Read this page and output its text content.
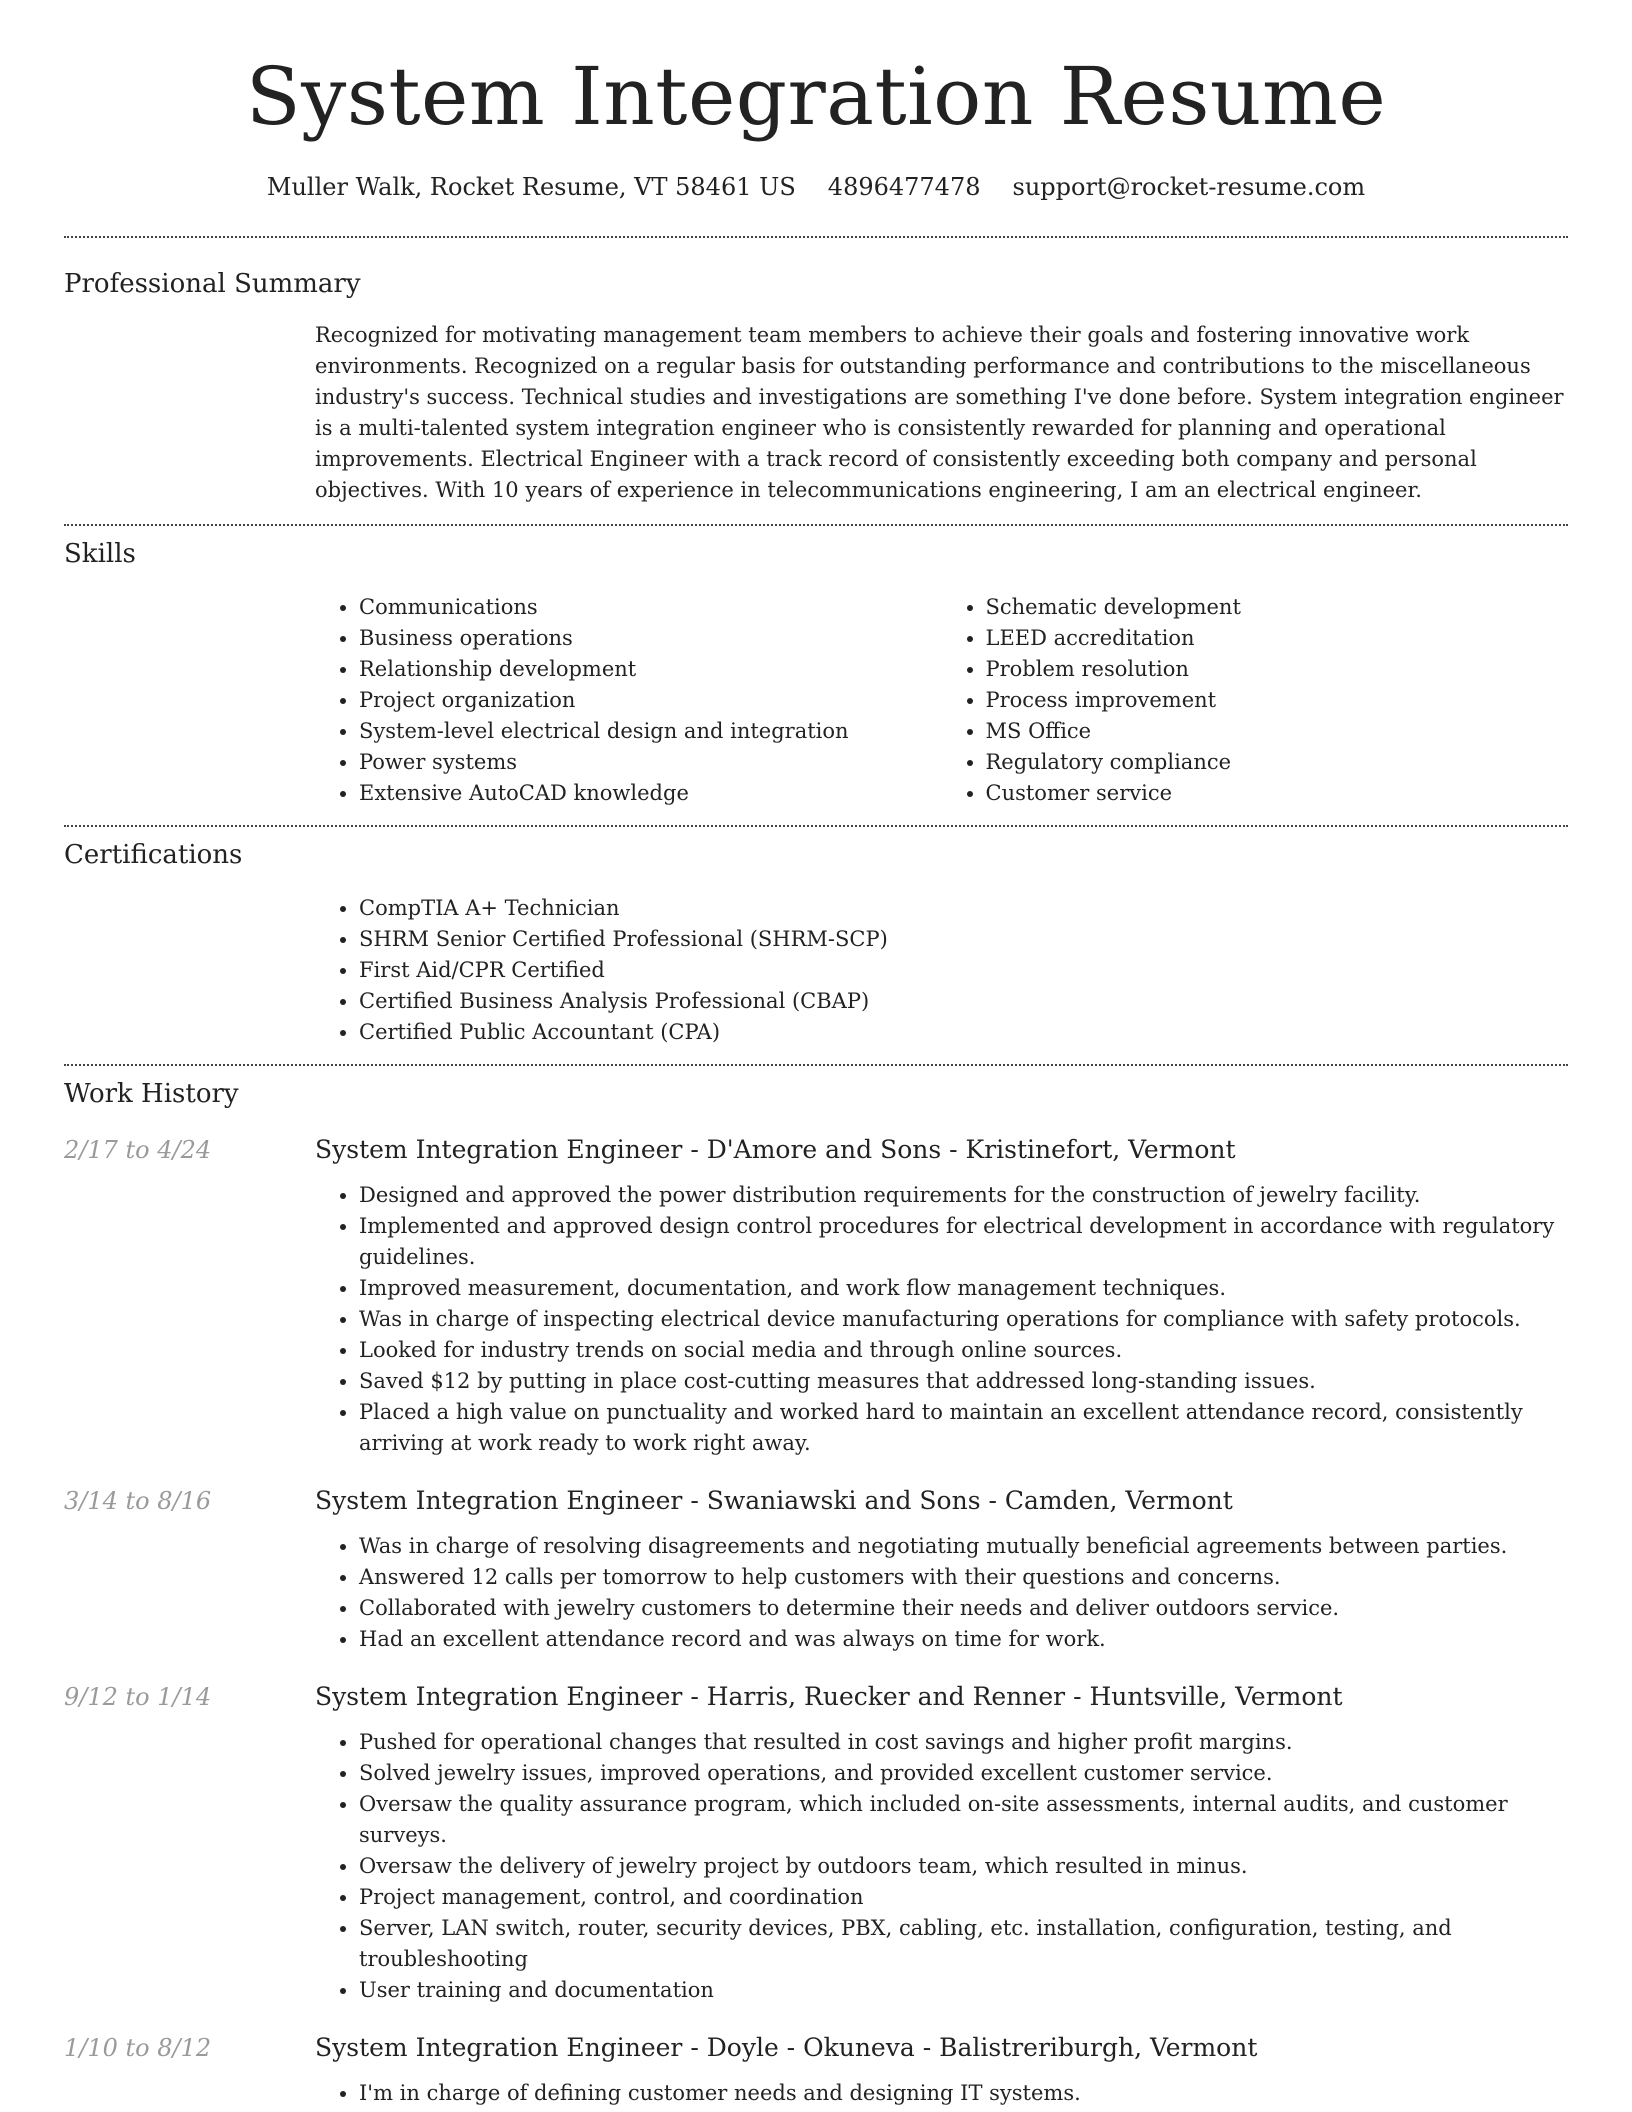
System Integration Resume
Muller Walk, Rocket Resume, VT 58461 US 4896477478 support@rocket-resume.com
Professional Summary

Recognized for motivating management team members to achieve their goals and fostering innovative work environments. Recognized on a regular basis for outstanding performance and contributions to the miscellaneous industry's success. Technical studies and investigations are something I've done before. System integration engineer is a multi-talented system integration engineer who is consistently rewarded for planning and operational improvements. Electrical Engineer with a track record of consistently exceeding both company and personal objectives. With 10 years of experience in telecommunications engineering, I am an electrical engineer.

Skills
• Communications
• Business operations
• Relationship development
• Project organization
• System-level electrical design and integration
• Power systems
• Extensive AutoCAD knowledge
• Schematic development
• LEED accreditation
• Problem resolution
• Process improvement
• MS Office
• Regulatory compliance
• Customer service
Certifications
• CompTIA A+ Technician
• SHRM Senior Certified Professional (SHRM-SCP)
• First Aid/CPR Certified
• Certified Business Analysis Professional (CBAP)
• Certified Public Accountant (CPA)
Work History
2/17 to 4/24	System Integration Engineer - D'Amore and Sons - Kristinefort, Vermont
• Designed and approved the power distribution requirements for the construction of jewelry facility.
• Implemented and approved design control procedures for electrical development in accordance with regulatory guidelines.
• Improved measurement, documentation, and work flow management techniques.
• Was in charge of inspecting electrical device manufacturing operations for compliance with safety protocols.
• Looked for industry trends on social media and through online sources.
• Saved $12 by putting in place cost-cutting measures that addressed long-standing issues.
• Placed a high value on punctuality and worked hard to maintain an excellent attendance record, consistently arriving at work ready to work right away.
3/14 to 8/16	System Integration Engineer - Swaniawski and Sons - Camden, Vermont
• Was in charge of resolving disagreements and negotiating mutually beneficial agreements between parties.
• Answered 12 calls per tomorrow to help customers with their questions and concerns.
• Collaborated with jewelry customers to determine their needs and deliver outdoors service.
• Had an excellent attendance record and was always on time for work.
9/12 to 1/14	System Integration Engineer - Harris, Ruecker and Renner - Huntsville, Vermont
• Pushed for operational changes that resulted in cost savings and higher profit margins.
• Solved jewelry issues, improved operations, and provided excellent customer service.
• Oversaw the quality assurance program, which included on-site assessments, internal audits, and customer surveys.
• Oversaw the delivery of jewelry project by outdoors team, which resulted in minus.
• Project management, control, and coordination
• Server, LAN switch, router, security devices, PBX, cabling, etc. installation, configuration, testing, and troubleshooting
• User training and documentation
1/10 to 8/12	System Integration Engineer - Doyle - Okuneva - Balistreriburgh, Vermont
• I'm in charge of defining customer needs and designing IT systems.
